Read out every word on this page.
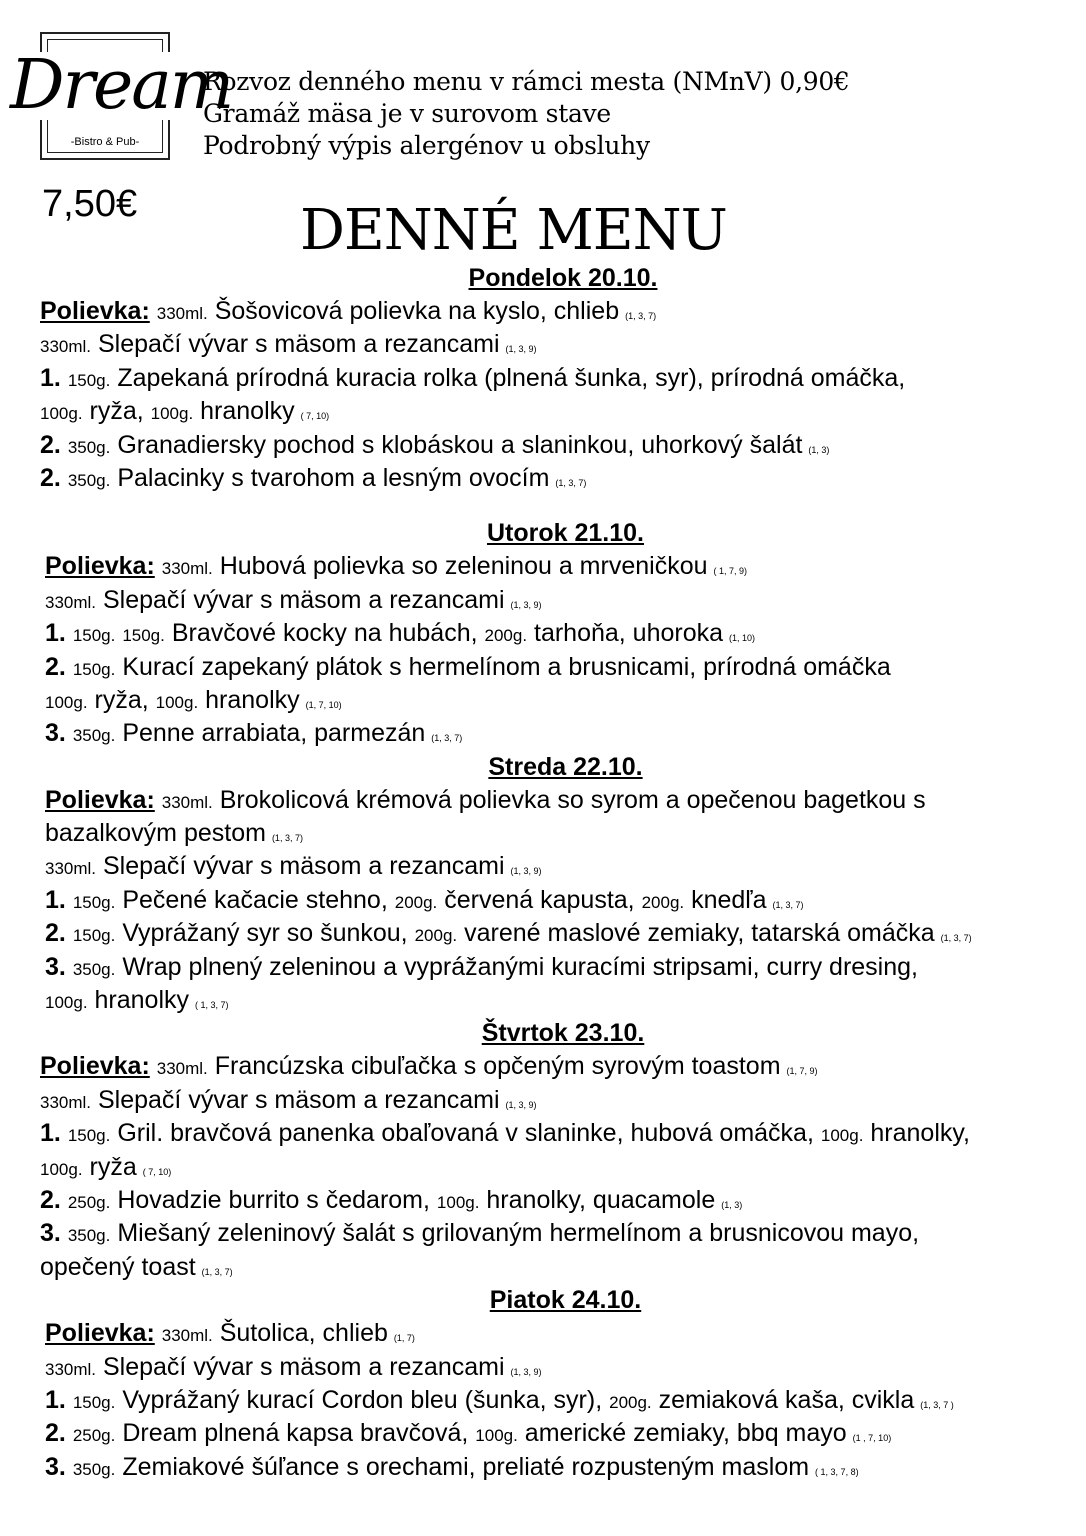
Dream
-Bistro & Pub-
Rozvoz denného menu v rámci mesta (NMnV) 0,90€
Gramáž mäsa je v surovom stave
Podrobný výpis alergénov u obsluhy
7,50€	DENNÉ MENU
Pondelok 20.10.
Polievka: 330ml. Šošovicová polievka na kyslo, chlieb (1, 3, 7)
330ml. Slepačí vývar s mäsom a rezancami (1, 3, 9)
1. 150g. Zapekaná prírodná kuracia rolka (plnená šunka, syr), prírodná omáčka,
100g. ryža, 100g. hranolky ( 7, 10)
2. 350g. Granadiersky pochod s klobáskou a slaninkou, uhorkový šalát (1, 3)
2. 350g. Palacinky s tvarohom a lesným ovocím (1, 3, 7)
Utorok 21.10.
Polievka: 330ml. Hubová polievka so zeleninou a mrveničkou ( 1, 7, 9)
330ml. Slepačí vývar s mäsom a rezancami (1, 3, 9)
1. 150g. 150g. Bravčové kocky na hubách, 200g. tarhoňa, uhoroka (1, 10)
2. 150g. Kurací zapekaný plátok s hermelínom a brusnicami, prírodná omáčka
100g. ryža, 100g. hranolky (1, 7, 10)
3. 350g. Penne arrabiata, parmezán (1, 3, 7)
Streda 22.10.
Polievka: 330ml. Brokolicová krémová polievka so syrom a opečenou bagetkou s
bazalkovým pestom (1, 3, 7)
330ml. Slepačí vývar s mäsom a rezancami (1, 3, 9)
1. 150g. Pečené kačacie stehno, 200g. červená kapusta, 200g. knedľa (1, 3, 7)
2. 150g. Vyprážaný syr so šunkou, 200g. varené maslové zemiaky, tatarská omáčka (1, 3, 7)
3. 350g. Wrap plnený zeleninou a vyprážanými kuracími stripsami, curry dresing,
100g. hranolky ( 1, 3, 7)
Štvrtok 23.10.
Polievka: 330ml. Francúzska cibuľačka s opčeným syrovým toastom (1, 7, 9)
330ml. Slepačí vývar s mäsom a rezancami (1, 3, 9)
1. 150g. Gril. bravčová panenka obaľovaná v slaninke, hubová omáčka, 100g. hranolky,
100g. ryža ( 7, 10)
2. 250g. Hovadzie burrito s čedarom, 100g. hranolky, quacamole (1, 3)
3. 350g. Miešaný zeleninový šalát s grilovaným hermelínom a brusnicovou mayo,
opečený toast (1, 3, 7)
Piatok 24.10.
Polievka: 330ml. Šutolica, chlieb (1, 7)
330ml. Slepačí vývar s mäsom a rezancami (1, 3, 9)
1. 150g. Vyprážaný kurací Cordon bleu (šunka, syr), 200g. zemiaková kaša, cvikla (1, 3, 7 )
2. 250g. Dream plnená kapsa bravčová, 100g. americké zemiaky, bbq mayo (1 , 7, 10)
3. 350g. Zemiakové šúľance s orechami, preliaté rozpusteným maslom ( 1, 3, 7, 8)
